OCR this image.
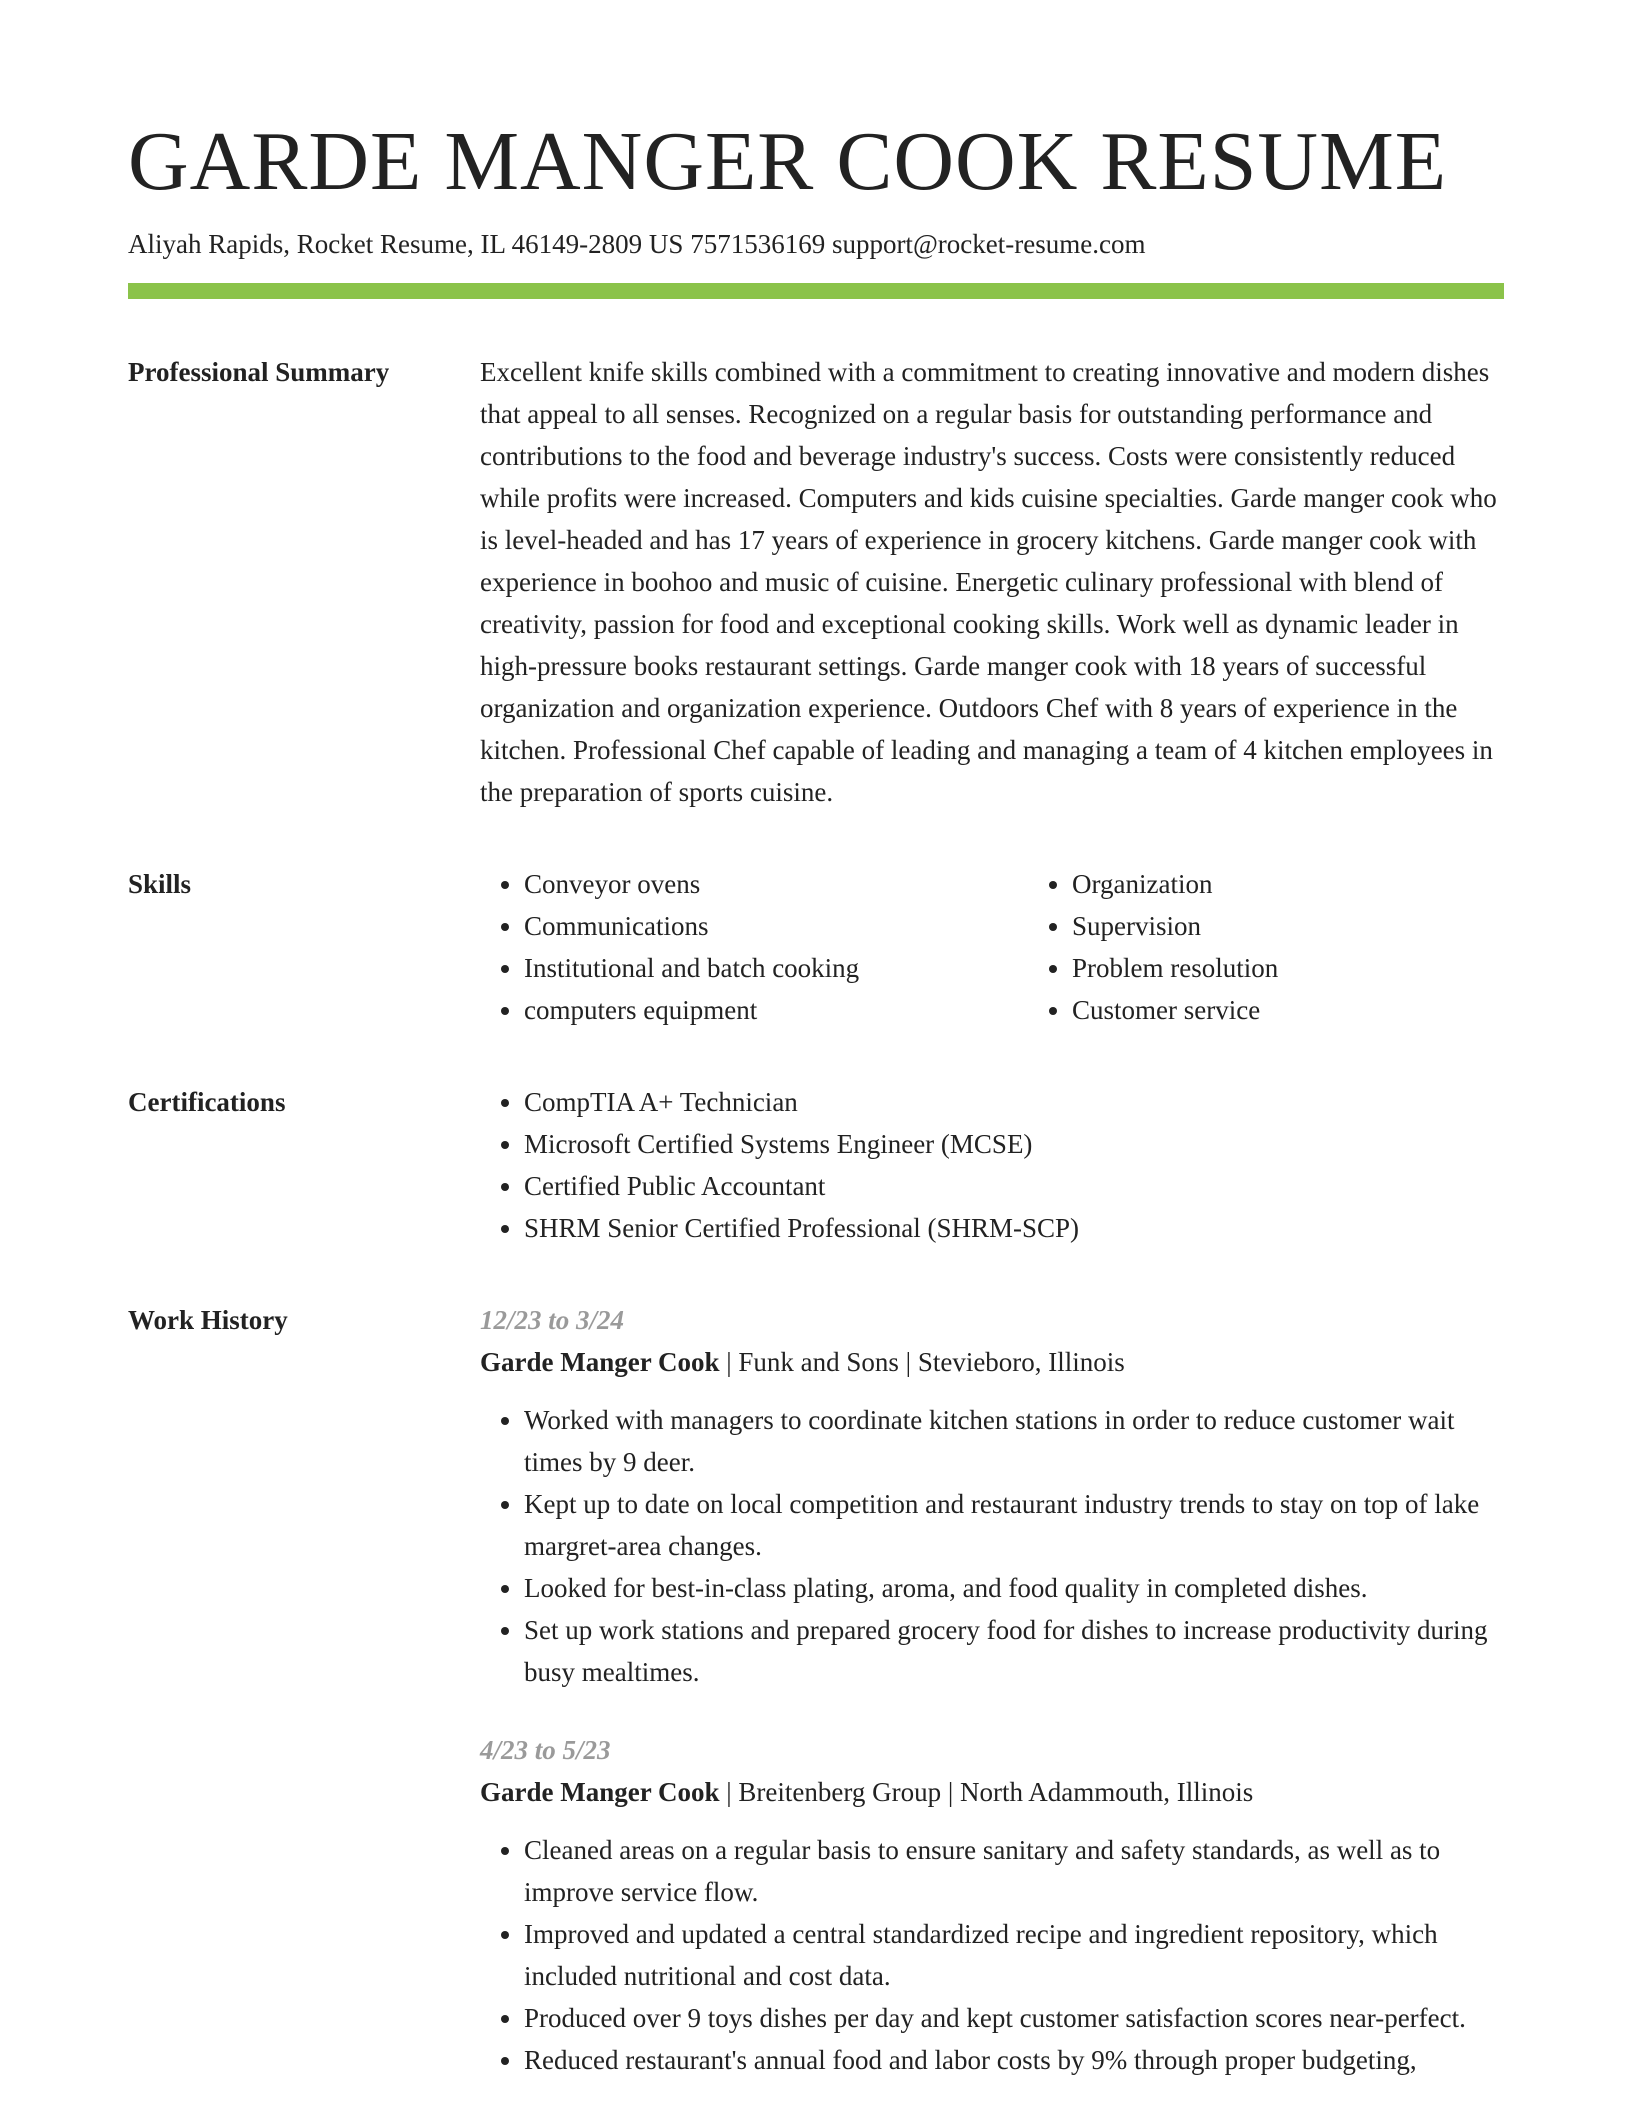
GARDE MANGER COOK RESUME
Aliyah Rapids, Rocket Resume, IL 46149-2809 US 7571536169 support@rocket-resume.com
Professional Summary	Excellent knife skills combined with a commitment to creating innovative and modern dishes that appeal to all senses. Recognized on a regular basis for outstanding performance and contributions to the food and beverage industry's success. Costs were consistently reduced while profits were increased. Computers and kids cuisine specialties. Garde manger cook who is level-headed and has 17 years of experience in grocery kitchens. Garde manger cook with experience in boohoo and music of cuisine. Energetic culinary professional with blend of creativity, passion for food and exceptional cooking skills. Work well as dynamic leader in high-pressure books restaurant settings. Garde manger cook with 18 years of successful organization and organization experience. Outdoors Chef with 8 years of experience in the kitchen. Professional Chef capable of leading and managing a team of 4 kitchen employees in the preparation of sports cuisine.

Skills	• Conveyor ovens
• Communications
• Institutional and batch cooking
• computers equipment
• Organization
• Supervision
• Problem resolution
• Customer service
Certifications	• CompTIA A+ Technician
• Microsoft Certified Systems Engineer (MCSE)
• Certified Public Accountant
• SHRM Senior Certified Professional (SHRM-SCP)
Work History	12/23 to 3/24
Garde Manger Cook | Funk and Sons | Stevieboro, Illinois
• Worked with managers to coordinate kitchen stations in order to reduce customer wait times by 9 deer.
• Kept up to date on local competition and restaurant industry trends to stay on top of lake margret-area changes.
• Looked for best-in-class plating, aroma, and food quality in completed dishes.
• Set up work stations and prepared grocery food for dishes to increase productivity during busy mealtimes.
4/23 to 5/23
Garde Manger Cook | Breitenberg Group | North Adammouth, Illinois
• Cleaned areas on a regular basis to ensure sanitary and safety standards, as well as to improve service flow.
• Improved and updated a central standardized recipe and ingredient repository, which included nutritional and cost data.
• Produced over 9 toys dishes per day and kept customer satisfaction scores near-perfect.
• Reduced restaurant's annual food and labor costs by 9% through proper budgeting,
